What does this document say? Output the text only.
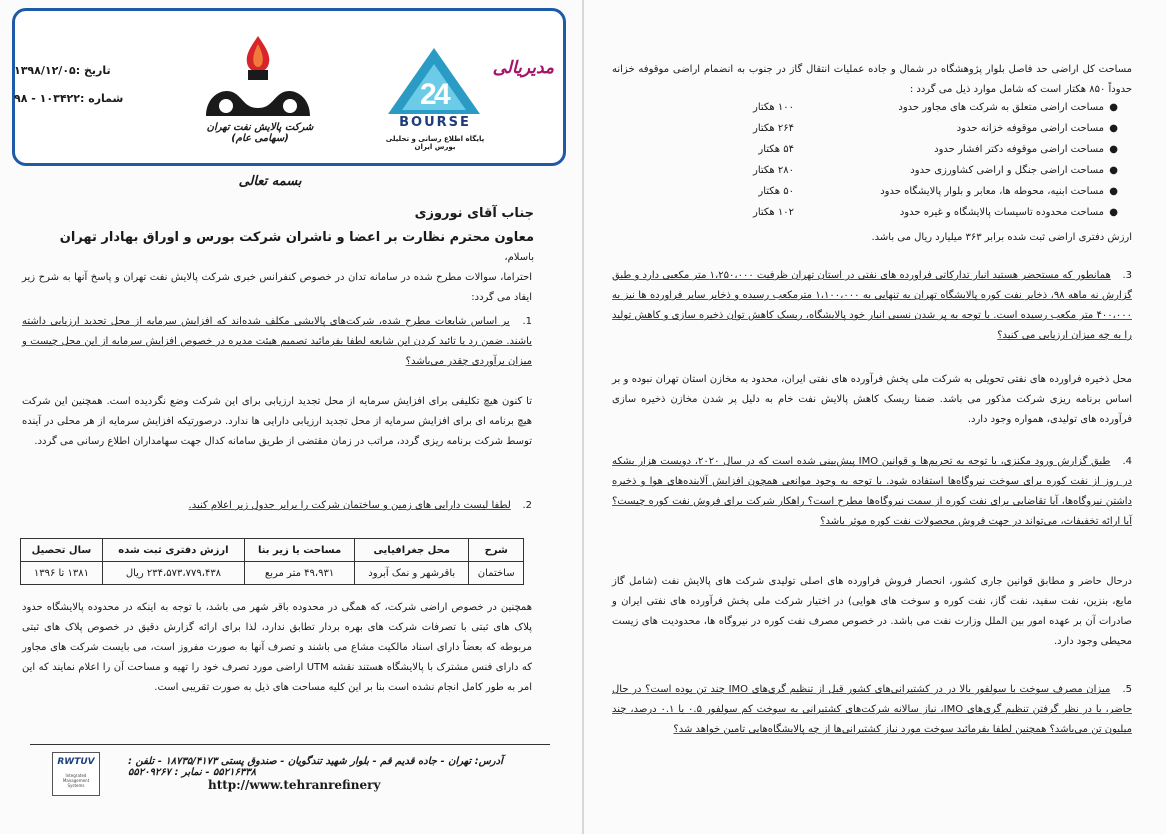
تاریخ :۱۳۹۸/۱۲/۰۵
شماره :۱۰۳۴۲۲ - ۹۸
شرکت پالایش نفت تهران (سهامی عام)
2
4
BOURSE
پایگاه اطلاع رسانی و تحلیلی بورس ایران
مدیریالی
بسمه تعالی
جناب آقای نوروزی
معاون محترم نظارت بر اعضا و ناشران شرکت بورس و اوراق بهادار تهران
باسلام،
احتراما، سوالات مطرح شده در سامانه تدان در خصوص کنفرانس خبری شرکت پالایش نفت تهران و پاسخ آنها به شرح زیر ایفاد می گردد:
1. بر اساس شایعات مطرح شده، شرکت‌های پالایشی مکلف شده‌اند که افزایش سرمایه از محل تجدید ارزیابی داشته باشند. ضمن رد یا تائید کردن این شایعه لطفا بفرمائید تصمیم هیئت مدیره در خصوص افزایش سرمایه از این محل چیست و میزان برآوردی چقدر می‌باشد؟
تا کنون هیچ تکلیفی برای افزایش سرمایه از محل تجدید ارزیابی برای این شرکت وضع نگردیده است. همچنین این شرکت هیچ برنامه ای برای افزایش سرمایه از محل تجدید ارزیابی دارایی ها ندارد. درصورتیکه افزایش سرمایه از هر محلی در آینده توسط شرکت برنامه ریزی گردد، مراتب در زمان مقتضی از طریق سامانه کدال جهت سهامداران اطلاع رسانی می گردد.
2. لطفا لیست دارایی های زمین و ساختمان شرکت را برابر جدول زیر اعلام کنید.
شرح	محل جغرافیایی	مساحت یا زیر بنا	ارزش دفتری ثبت شده	سال تحصیل
ساختمان	باقرشهر و نمک آبرود	۴۹،۹۳۱ متر مربع	۲۳۴،۵۷۳،۷۷۹،۴۳۸ ریال	۱۳۸۱ تا ۱۳۹۶
همچنین در خصوص اراضی شرکت، که همگی در محدوده باقر شهر می باشد، با توجه به اینکه در محدوده پالایشگاه حدود پلاک های ثبتی با تصرفات شرکت های بهره بردار تطابق ندارد، لذا برای ارائه گزارش دقیق در خصوص پلاک های ثبتی مربوطه که بعضاً دارای اسناد مالکیت مشاع می باشند و تصرف آنها به صورت مفروز است، می بایست شرکت های مجاور که دارای فنس مشترک با پالایشگاه هستند نقشه UTM اراضی مورد تصرف خود را تهیه و مساحت آن را اعلام نمایند که این امر به طور کامل انجام نشده است بنا بر این کلیه مساحت های ذیل به صورت تقریبی است.
RWTUV
Integrated Management Systems
آدرس: تهران - جاده قدیم قم - بلوار شهید تندگویان - صندوق پستی ۱۸۷۳۵/۴۱۷۳ - تلفن : ۵۵۲۱۶۳۳۸ - نمابر : ۵۵۲۰۹۲۶۷
http://www.tehranrefinery
مساحت کل اراضی حد فاصل بلوار پژوهشگاه در شمال و جاده عملیات انتقال گاز در جنوب به انضمام اراضی موقوفه خزانه حدوداً ۸۵۰ هکتار است که شامل موارد ذیل می گردد :
●
مساحت اراضی متعلق به شرکت های مجاور حدود
۱۰۰ هکتار
●
مساحت اراضی موقوفه خزانه حدود
۲۶۴ هکتار
●
مساحت اراضی موقوفه دکتر افشار حدود
۵۴ هکتار
●
مساحت اراضی جنگل و اراضی کشاورزی حدود
۲۸۰ هکتار
●
مساحت ابنیه، محوطه ها، معابر و بلوار پالایشگاه حدود
۵۰ هکتار
●
مساحت محدوده تاسیسات پالایشگاه و غیره حدود
۱۰۲ هکتار
ارزش دفتری اراضی ثبت شده برابر ۳۶۳ میلیارد ریال می باشد.
3. همانطور که مستحضر هستید انبار تدارکاتی فراورده های نفتی در استان تهران ظرفیت ۱،۲۵۰،۰۰۰ متر مکعبی دارد و طبق گزارش نه ماهه ۹۸، ذخایر نفت کوره پالایشگاه تهران به تنهایی به ۱،۱۰۰،۰۰۰ مترمکعب رسیده و ذخایر سایر فراورده ها نیز به ۴۰۰،۰۰۰ متر مکعب رسیده است. با توجه به پر شدن نسبی انبار خود پالایشگاه، ریسک کاهش توان ذخیره سازی و کاهش تولید را به چه میزان ارزیابی می کنید؟
محل ذخیره فراورده های نفتی تحویلی به شرکت ملی پخش فرآورده های نفتی ایران، محدود به مخازن استان تهران نبوده و بر اساس برنامه ریزی شرکت مذکور می باشد. ضمنا ریسک کاهش پالایش نفت خام به دلیل پر شدن مخازن ذخیره سازی فرآورده های تولیدی، همواره وجود دارد.
4. طبق گزارش ورود مکنزی، با توجه به تحریم‌ها و قوانین IMO پیش‌بینی شده است که در سال ۲۰۲۰، دویست هزار بشکه در روز از نفت کوره برای سوخت نیروگاه‌ها استفاده شود. با توجه به وجود موانعی همچون افزایش آلاینده‌های هوا و ذخیره داشتن نیروگاه‌ها، آیا تقاضایی برای نفت کوره از سمت نیروگاه‌ها مطرح است؟ راهکار شرکت برای فروش نفت کوره چیست؟ آیا ارائه تخفیفات، می‌تواند در جهت فروش محصولات نفت کوره موثر باشد؟
درحال حاضر و مطابق قوانین جاری کشور، انحصار فروش فراورده های اصلی تولیدی شرکت های پالایش نفت (شامل گاز مایع، بنزین، نفت سفید، نفت گاز، نفت کوره و سوخت های هوایی) در اختیار شرکت ملی پخش فرآورده های نفتی ایران و صادرات آن بر عهده امور بین الملل وزارت نفت می باشد. در خصوص مصرف نفت کوره در نیروگاه ها، محدودیت های زیست محیطی وجود دارد.
5. میزان مصرف سوخت با سولفور بالا در در کشتیرانی‌های کشور قبل از تنظیم گری‌های IMO چند تن بوده است؟ در حال حاضر، با در نظر گرفتن تنظیم گری‌های IMO، نیاز سالانه شرکت‌های کشتیرانی به سوخت کم سولفور ۰.۵ یا ۰.۱ درصد، چند میلیون تن می‌باشد؟ همچنین لطفا بفرمائید سوخت مورد نیاز کشتیرانی‌ها از چه پالایشگاه‌هایی تامین خواهد شد؟
